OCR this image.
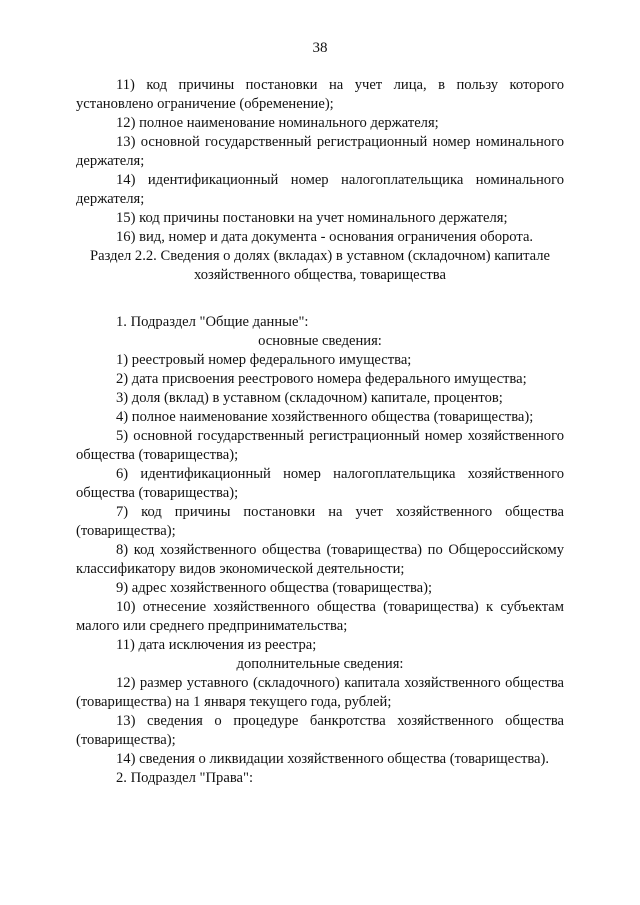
38

11) код причины постановки на учет лица, в пользу которого установлено ограничение (обременение);

12) полное наименование номинального держателя;

13) основной государственный регистрационный номер номинального держателя;

14) идентификационный номер налогоплательщика номинального держателя;

15) код причины постановки на учет номинального держателя;

16) вид, номер и дата документа - основания ограничения оборота.

Раздел 2.2. Сведения о долях (вкладах) в уставном (складочном) капитале
хозяйственного общества, товарищества

1. Подраздел "Общие данные":

основные сведения:

1) реестровый номер федерального имущества;

2) дата присвоения реестрового номера федерального имущества;

3) доля (вклад) в уставном (складочном) капитале, процентов;

4) полное наименование хозяйственного общества (товарищества);

5) основной государственный регистрационный номер хозяйственного общества (товарищества);

6) идентификационный номер налогоплательщика хозяйственного общества (товарищества);

7) код причины постановки на учет хозяйственного общества (товарищества);

8) код хозяйственного общества (товарищества) по Общероссийскому классификатору видов экономической деятельности;

9) адрес хозяйственного общества (товарищества);

10) отнесение хозяйственного общества (товарищества) к субъектам малого или среднего предпринимательства;

11) дата исключения из реестра;

дополнительные сведения:

12) размер уставного (складочного) капитала хозяйственного общества (товарищества) на 1 января текущего года, рублей;

13) сведения о процедуре банкротства хозяйственного общества (товарищества);

14) сведения о ликвидации хозяйственного общества (товарищества).

2. Подраздел "Права":
